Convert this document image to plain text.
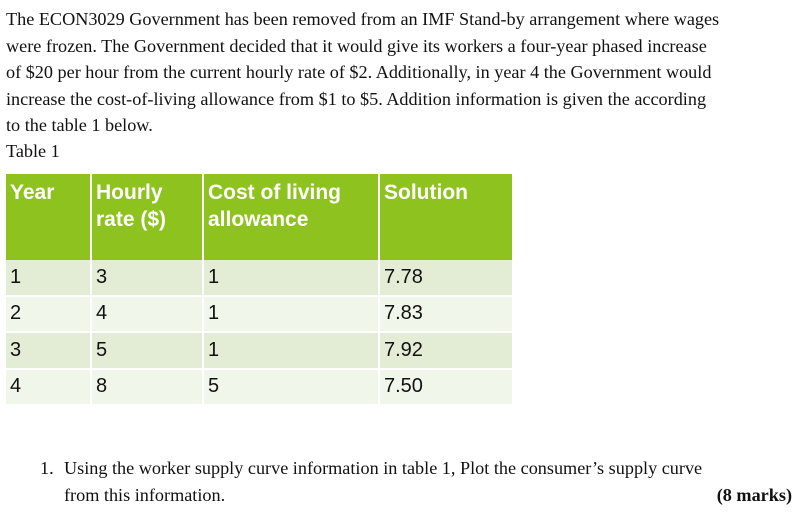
The ECON3029 Government has been removed from an IMF Stand-by arrangement where wages
were frozen. The Government decided that it would give its workers a four-year phased increase
of $20 per hour from the current hourly rate of $2. Additionally, in year 4 the Government would
increase the cost-of-living allowance from $1 to $5. Addition information is given the according
to the table 1 below.
Table 1
Year	Hourly rate ($)	Cost of living allowance	Solution
1	3	1	7.78
2	4	1	7.83
3	5	1	7.92
4	8	5	7.50
1. Using the worker supply curve information in table 1, Plot the consumer’s supply curve
from this information.	(8 marks)
